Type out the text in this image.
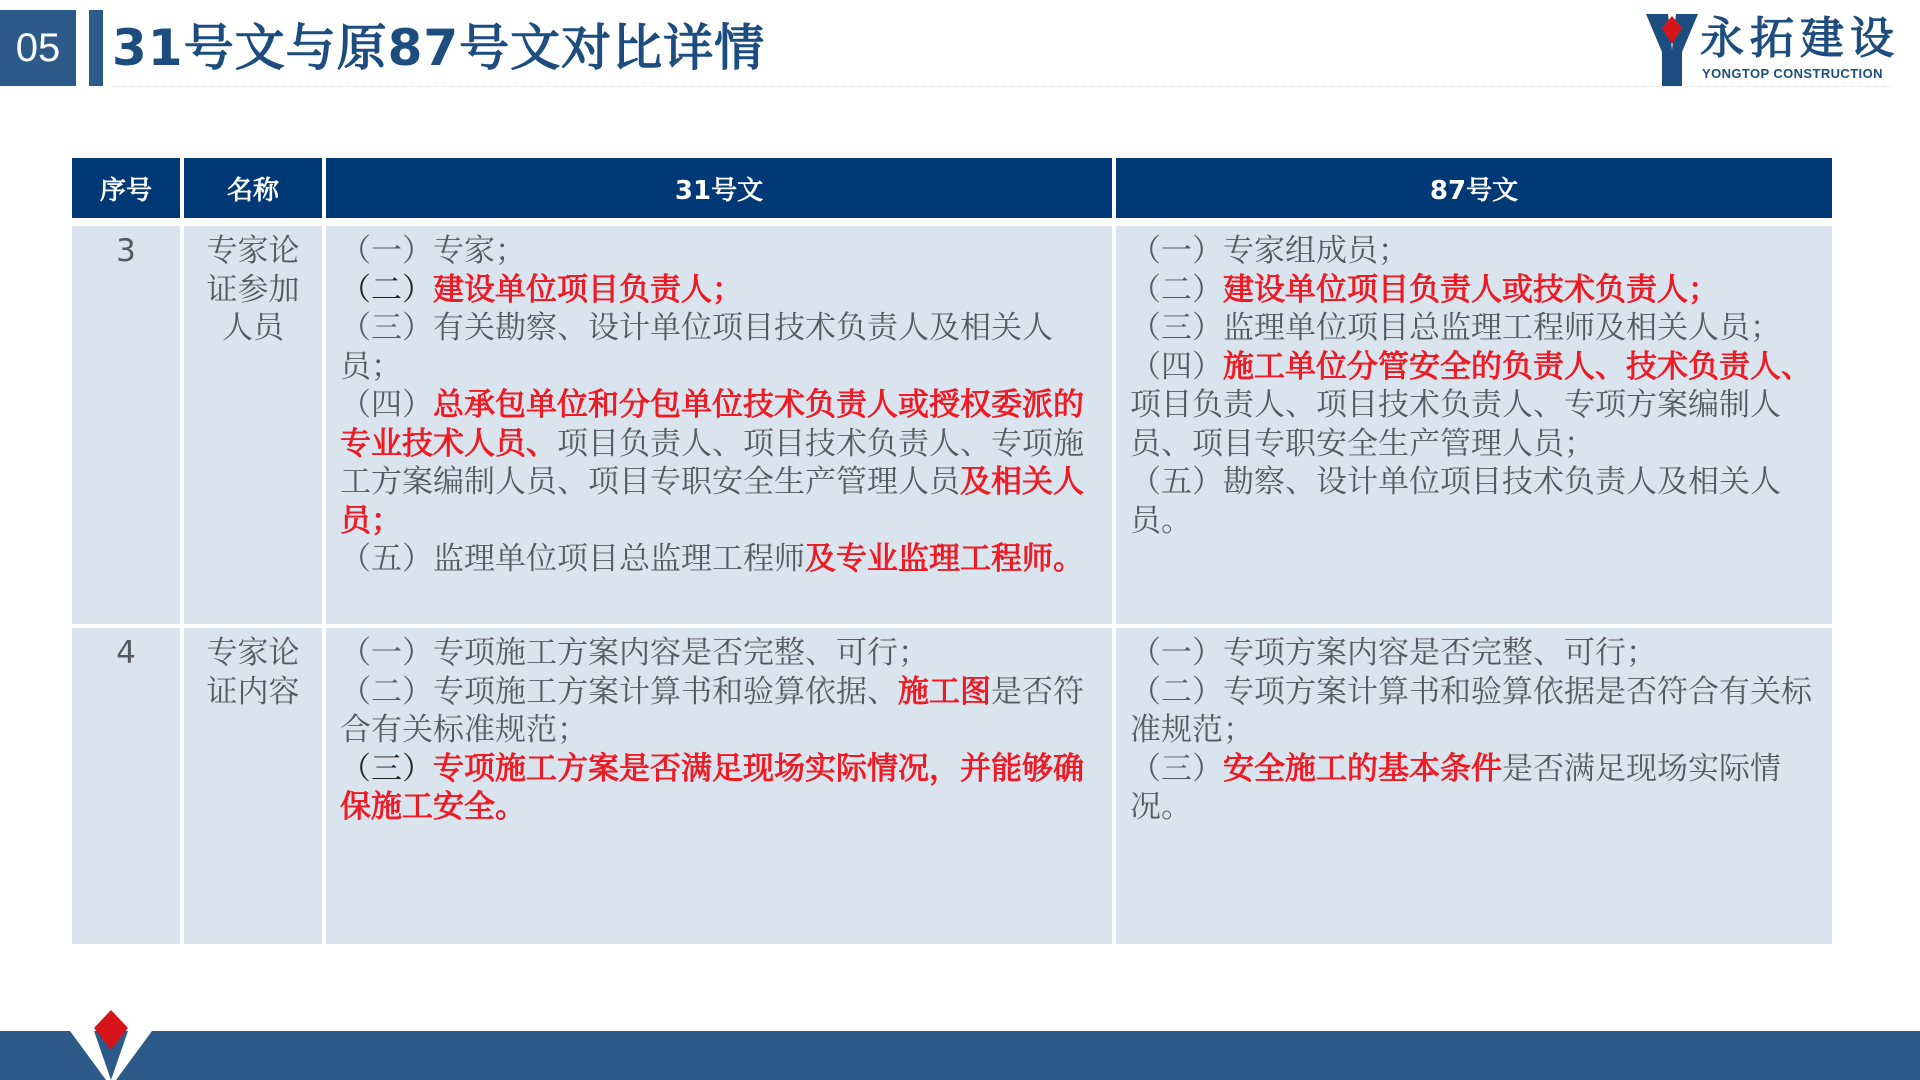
05	31号文与原87号文对比详情	永拓建设
YONGTOP CONSTRUCTION
序号	名称	31号文	87号文

3	专家论证参加人员	（一）专家；
（二）建设单位项目负责人；
（三）有关勘察、设计单位项目技术负责人及相关人员；
（四）总承包单位和分包单位技术负责人或授权委派的专业技术人员、项目负责人、项目技术负责人、专项施工方案编制人员、项目专职安全生产管理人员及相关人员；
（五）监理单位项目总监理工程师及专业监理工程师。	（一）专家组成员；
（二）建设单位项目负责人或技术负责人；
（三）监理单位项目总监理工程师及相关人员；
（四）施工单位分管安全的负责人、技术负责人、项目负责人、项目技术负责人、专项方案编制人员、项目专职安全生产管理人员；
（五）勘察、设计单位项目技术负责人及相关人员。

4	专家论证内容	（一）专项施工方案内容是否完整、可行；
（二）专项施工方案计算书和验算依据、施工图是否符合有关标准规范；
（三）专项施工方案是否满足现场实际情况，并能够确保施工安全。	（一）专项方案内容是否完整、可行；
（二）专项方案计算书和验算依据是否符合有关标准规范；
（三）安全施工的基本条件是否满足现场实际情况。
